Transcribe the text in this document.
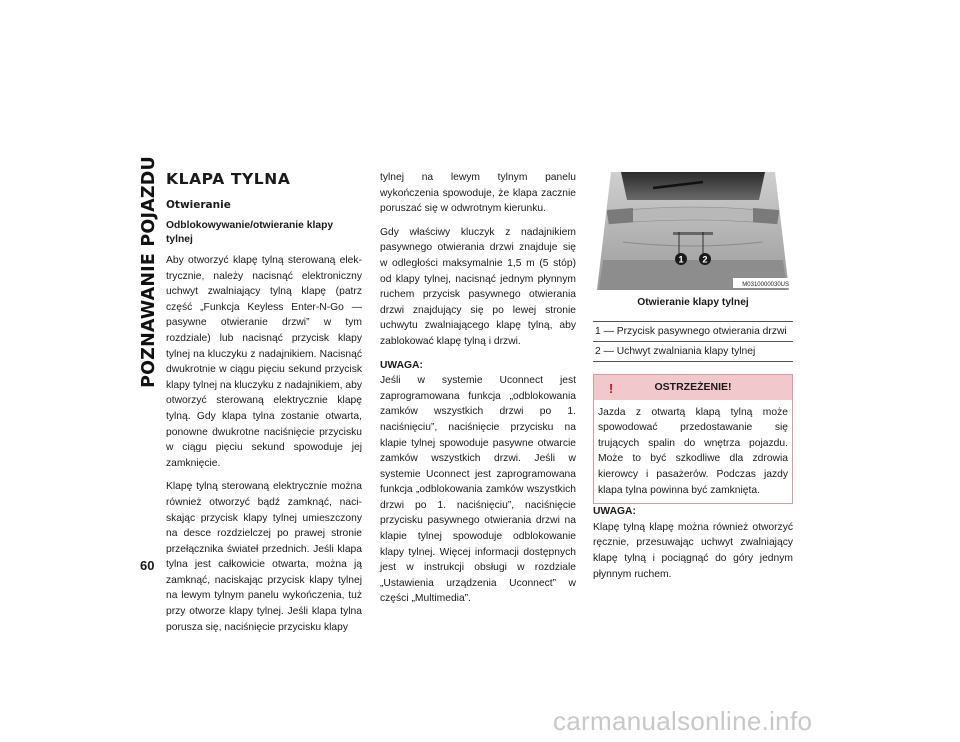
POZNAWANIE POJAZDU
60
KLAPA TYLNA
Otwieranie
Odblokowywanie/otwieranie klapy tylnej

Aby otworzyć klapę tylną sterowaną elektrycznie, należy nacisnąć elektroniczny uchwyt zwalniający tylną klapę (patrz część „Funkcja Keyless Enter-N-Go — pasywne otwieranie drzwi” w tym rozdziale) lub nacisnąć przycisk klapy tylnej na kluczyku z nadajnikiem. Nacisnąć dwukrotnie w ciągu pięciu sekund przycisk klapy tylnej na kluczyku z nadajnikiem, aby otworzyć sterowaną elektrycznie klapę tylną. Gdy klapa tylna zostanie otwarta, ponowne dwukrotne naciśnięcie przycisku w ciągu pięciu sekund spowoduje jej zamknięcie.

Klapę tylną sterowaną elektrycznie można również otworzyć bądź zamknąć, naciskając przycisk klapy tylnej umieszczony na desce rozdzielczej po prawej stronie przełącznika świateł przednich. Jeśli klapa tylna jest całkowicie otwarta, można ją zamknąć, naciskając przycisk klapy tylnej na lewym tylnym panelu wykończenia, tuż przy otworze klapy tylnej. Jeśli klapa tylna porusza się, naciśnięcie przycisku klapy

tylnej na lewym tylnym panelu wykończenia spowoduje, że klapa zacznie poruszać się w odwrotnym kierunku.

Gdy właściwy kluczyk z nadajnikiem pasywnego otwierania drzwi znajduje się w odległości maksymalnie 1,5 m (5 stóp) od klapy tylnej, nacisnąć jednym płynnym ruchem przycisk pasywnego otwierania drzwi znajdujący się po lewej stronie uchwytu zwalniającego klapę tylną, aby zablokować klapę tylną i drzwi.

UWAGA:
Jeśli w systemie Uconnect jest zaprogramowana funkcja „odblokowania zamków wszystkich drzwi po 1. naciśnięciu”, naciśnięcie przycisku na klapie tylnej spowoduje pasywne otwarcie zamków wszystkich drzwi. Jeśli w systemie Uconnect jest zaprogramowana funkcja „odblokowania zamków wszystkich drzwi po 1. naciśnięciu”, naciśnięcie przycisku pasywnego otwierania drzwi na klapie tylnej spowoduje odblokowanie klapy tylnej. Więcej informacji dostępnych jest w instrukcji obsługi w rozdziale „Ustawienia urządzenia Uconnect” w części „Multimedia”.

1 2
M0310000030US
Otwieranie klapy tylnej
1 — Przycisk pasywnego otwierania drzwi
2 — Uchwyt zwalniania klapy tylnej
!	OSTRZEŻENIE!
Jazda z otwartą klapą tylną może spowodować przedostawanie się trujących spalin do wnętrza pojazdu. Może to być szkodliwe dla zdrowia kierowcy i pasażerów. Podczas jazdy klapa tylna powinna być zamknięta.

UWAGA:
Klapę tylną klapę można również otworzyć ręcznie, przesuwając uchwyt zwalniający klapę tylną i pociągnąć do góry jednym płynnym ruchem.

carmanualsonline.info
